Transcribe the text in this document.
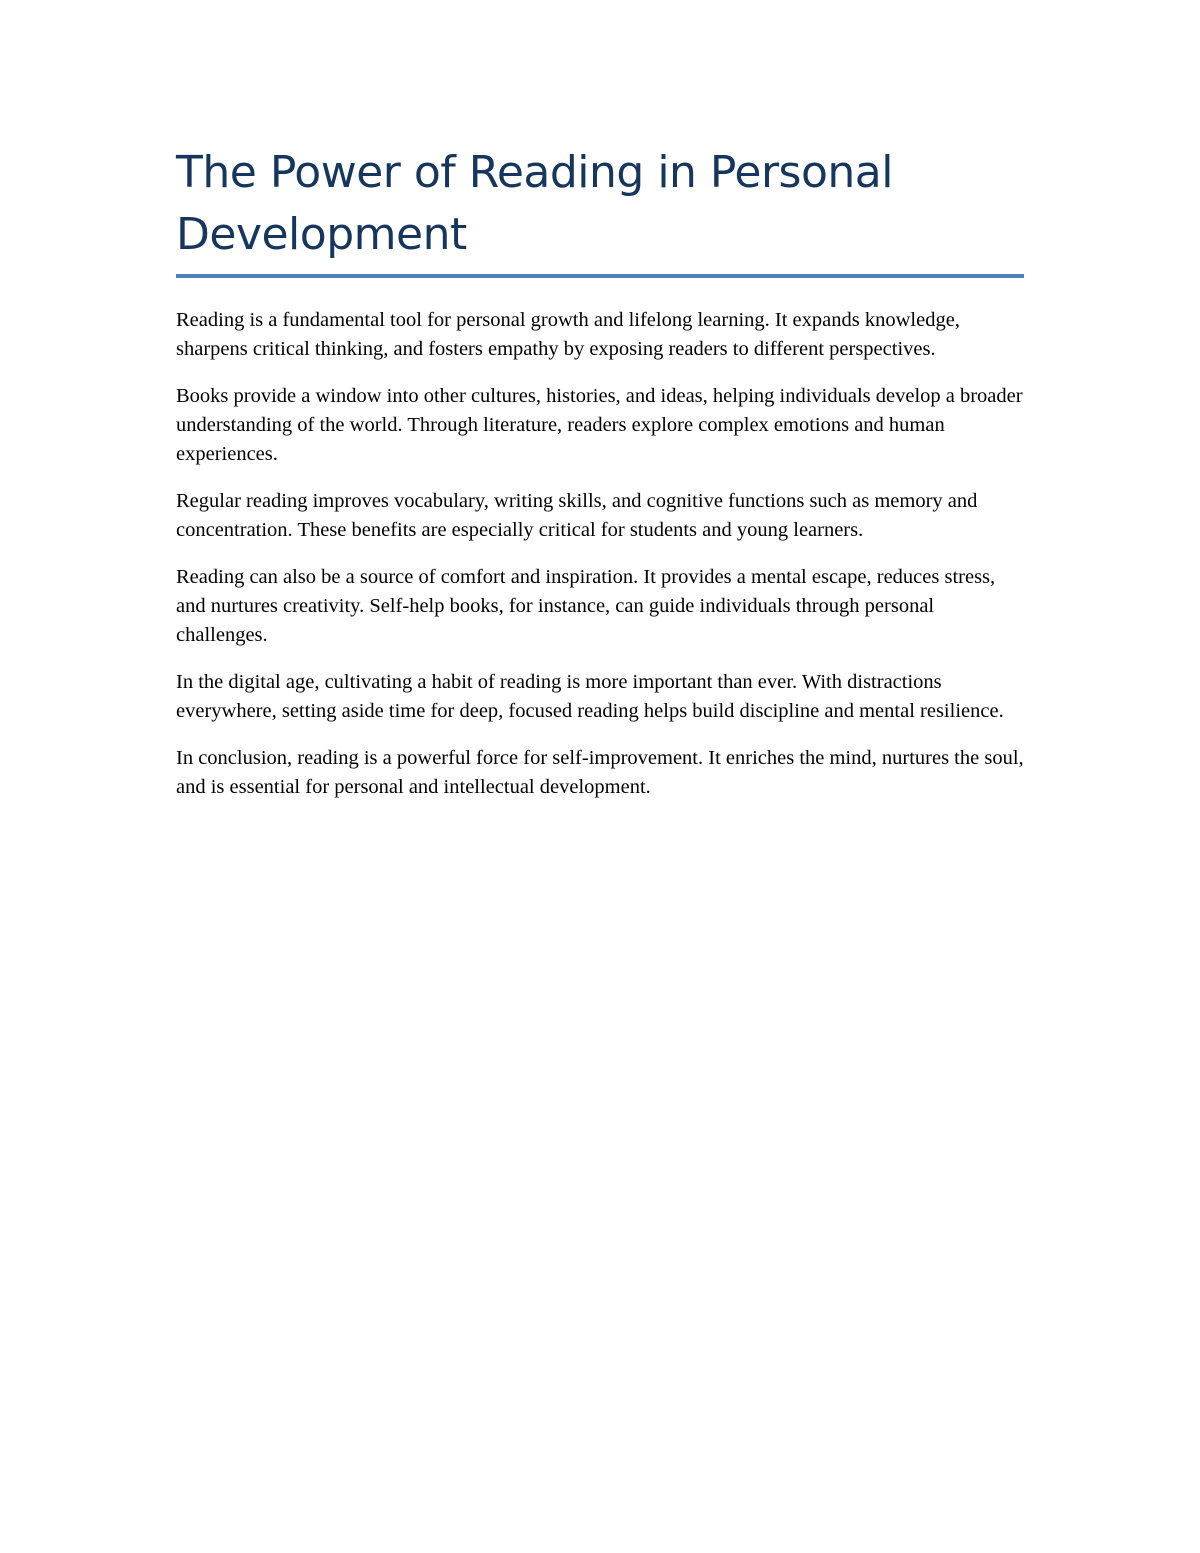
The Power of Reading in Personal Development

Reading is a fundamental tool for personal growth and lifelong learning. It expands knowledge, sharpens critical thinking, and fosters empathy by exposing readers to different perspectives.

Books provide a window into other cultures, histories, and ideas, helping individuals develop a broader understanding of the world. Through literature, readers explore complex emotions and human experiences.

Regular reading improves vocabulary, writing skills, and cognitive functions such as memory and concentration. These benefits are especially critical for students and young learners.

Reading can also be a source of comfort and inspiration. It provides a mental escape, reduces stress, and nurtures creativity. Self-help books, for instance, can guide individuals through personal challenges.

In the digital age, cultivating a habit of reading is more important than ever. With distractions everywhere, setting aside time for deep, focused reading helps build discipline and mental resilience.

In conclusion, reading is a powerful force for self-improvement. It enriches the mind, nurtures the soul, and is essential for personal and intellectual development.
